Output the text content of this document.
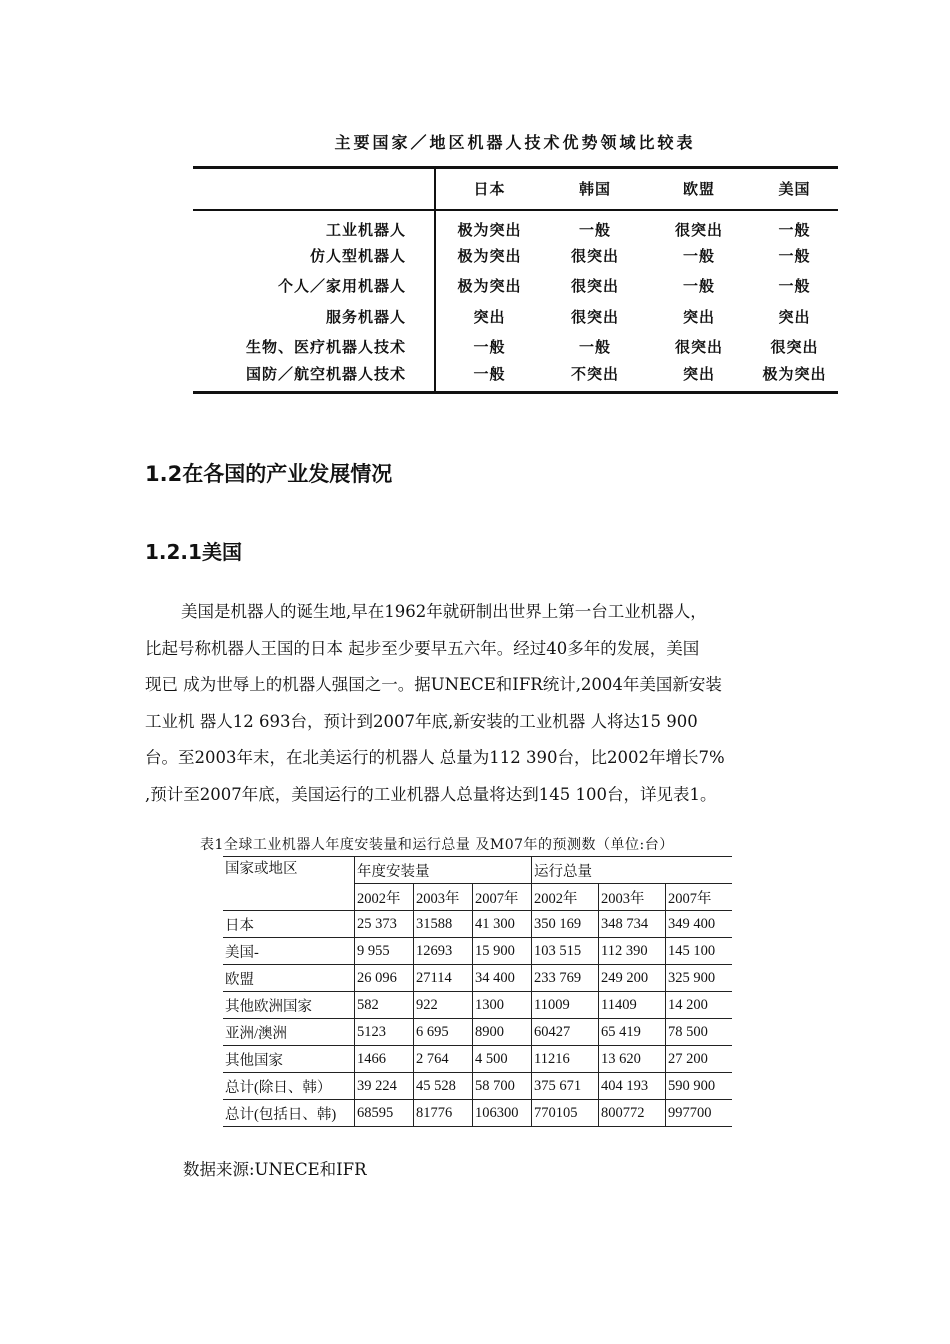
主要国家／地区机器人技术优势领域比较表
	日本	韩国	欧盟	美国
工业机器人	极为突出	一般	很突出	一般
仿人型机器人	极为突出	很突出	一般	一般
个人／家用机器人	极为突出	很突出	一般	一般
服务机器人	突出	很突出	突出	突出
生物、医疗机器人技术	一般	一般	很突出	很突出
国防／航空机器人技术	一般	不突出	突出	极为突出
1.2在各国的产业发展情况
1.2.1美国
美国是机器人的诞生地,早在1962年就研制出世界上第一台工业机器人，
比起号称机器人王国的日本 起步至少要早五六年。经过40多年的发展，美国
现已 成为世辱上的机器人强国之一。据UNECE和IFR统计,2004年美国新安装
工业机 器人12 693台，预计到2007年底,新安装的工业机器 人将达15 900
台。至2003年末，在北美运行的机器人 总量为112 390台，比2002年增长7%
,预计至2007年底，美国运行的工业机器人总量将达到145 100台，详见表1。
表1全球工业机器人年度安装量和运行总量 及M07年的预测数（单位:台）
国家或地区	年度安装量			运行总量		
	2002年	2003年	2007年	2002年	2003年	2007年
日本	25 373	31588	41 300	350 169	348 734	349 400
美国-	9 955	12693	15 900	103 515	112 390	145 100
欧盟	26 096	27114	34 400	233 769	249 200	325 900
其他欧洲国家	582	922	1300	11009	11409	14 200
亚洲/澳洲	5123	6 695	8900	60427	65 419	78 500
其他国家	1466	2 764	4 500	11216	13 620	27 200
总计(除日、韩）	39 224	45 528	58 700	375 671	404 193	590 900
总计(包括日、韩)	68595	81776	106300	770105	800772	997700
数据来源:UNECE和IFR
